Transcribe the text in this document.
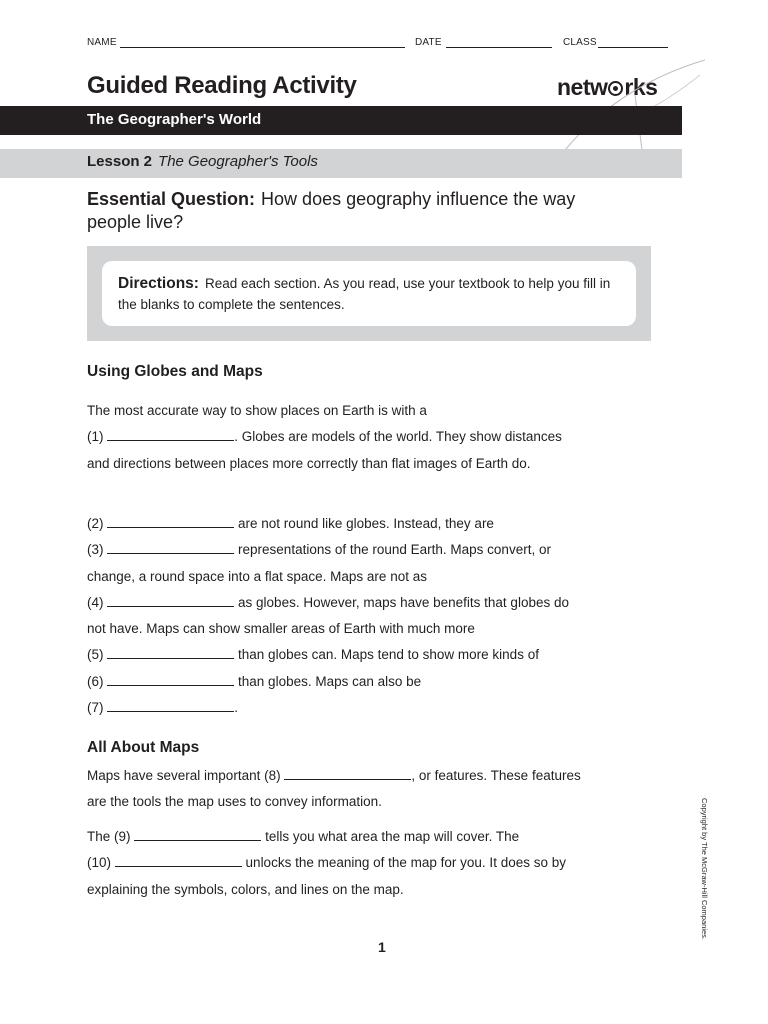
NAME	DATE	CLASS
Guided Reading Activity	netw rks
The Geographer's World
Lesson 2 The Geographer's Tools
Essential Question: How does geography influence the way people live?
Directions: Read each section. As you read, use your textbook to help you fill in the blanks to complete the sentences.
Using Globes and Maps
The most accurate way to show places on Earth is with a
(1)	. Globes are models of the world. They show distances and directions between places more correctly than flat images of Earth do.
(2)	are not round like globes. Instead, they are
(3)	representations of the round Earth. Maps convert, or change, a round space into a flat space. Maps are not as
(4)	as globes. However, maps have benefits that globes do not have. Maps can show smaller areas of Earth with much more
(5)	than globes can. Maps tend to show more kinds of
(6)	than globes. Maps can also be
(7)	.
All About Maps
Maps have several important (8)	, or features. These features are the tools the map uses to convey information.
The (9)	tells you what area the map will cover. The
(10)	unlocks the meaning of the map for you. It does so by explaining the symbols, colors, and lines on the map.
1
Copyright by The McGraw-Hill Companies.
